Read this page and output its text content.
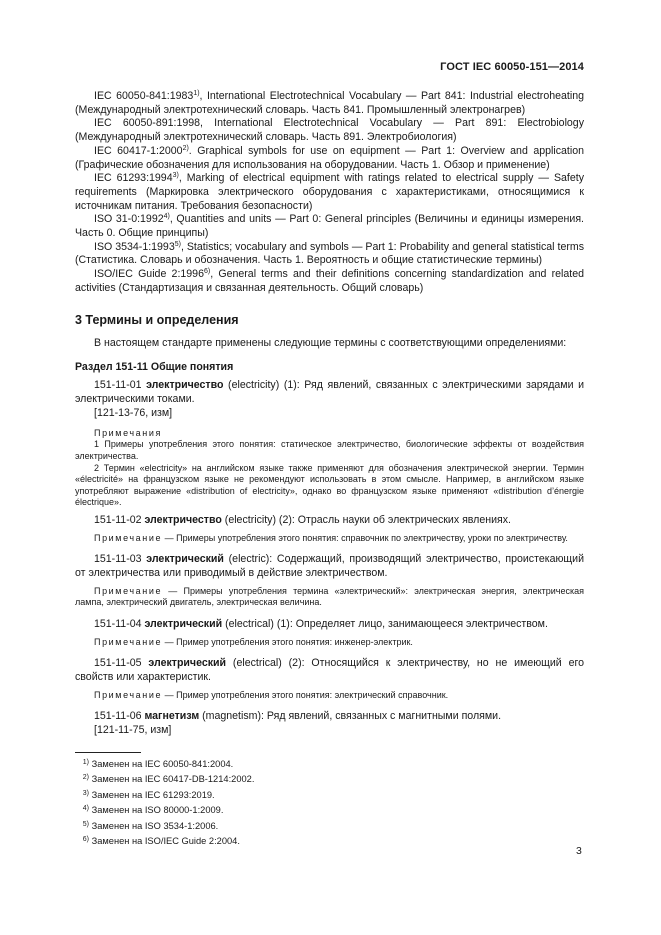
ГОСТ IEC 60050-151—2014

IEC 60050-841:1983$^{1)}$, International Electrotechnical Vocabulary — Part 841: Industrial electroheating (Международный электротехнический словарь. Часть 841. Промышленный электронагрев)

IEC 60050-891:1998, International Electrotechnical Vocabulary — Part 891: Electrobiology (Международный электротехнический словарь. Часть 891. Электробиология)

IEC 60417-1:2000$^{2)}$. Graphical symbols for use on equipment — Part 1: Overview and application (Графические обозначения для использования на оборудовании. Часть 1. Обзор и применение)

IEC 61293:1994$^{3)}$, Marking of electrical equipment with ratings related to electrical supply — Safety requirements (Маркировка электрического оборудования с характеристиками, относящимися к источникам питания. Требования безопасности)

ISO 31-0:1992$^{4)}$, Quantities and units — Part 0: General principles (Величины и единицы измерения. Часть 0. Общие принципы)

ISO 3534-1:1993$^{5)}$, Statistics; vocabulary and symbols — Part 1: Probability and general statistical terms (Статистика. Словарь и обозначения. Часть 1. Вероятность и общие статистические термины)

ISO/IEC Guide 2:1996$^{6)}$, General terms and their definitions concerning standardization and related activities (Стандартизация и связанная деятельность. Общий словарь)

3 Термины и определения

В настоящем стандарте применены следующие термины с соответствующими определениями:

Раздел 151-11 Общие понятия

151-11-01 электричество (electricity) (1): Ряд явлений, связанных с электрическими зарядами и электрическими токами.

[121-13-76, изм]

Примечания

1 Примеры употребления этого понятия: статическое электричество, биологические эффекты от воздействия электричества.

2 Термин «electricity» на английском языке также применяют для обозначения электрической энергии. Термин «électricité» на французском языке не рекомендуют использовать в этом смысле. Например, в английском языке употребляют выражение «distribution of electricity», однако во французском языке применяют «distribution d’énergie électrique».

151-11-02 электричество (electricity) (2): Отрасль науки об электрических явлениях.

Примечание — Примеры употребления этого понятия: справочник по электричеству, уроки по электричеству.

151-11-03 электрический (electric): Содержащий, производящий электричество, проистекающий от электричества или приводимый в действие электричеством.

Примечание — Примеры употребления термина «электрический»: электрическая энергия, электрическая лампа, электрический двигатель, электрическая величина.

151-11-04 электрический (electrical) (1): Определяет лицо, занимающееся электричеством.

Примечание — Пример употребления этого понятия: инженер-электрик.

151-11-05 электрический (electrical) (2): Относящийся к электричеству, но не имеющий его свойств или характеристик.

Примечание — Пример употребления этого понятия: электрический справочник.

151-11-06 магнетизм (magnetism): Ряд явлений, связанных с магнитными полями.

[121-11-75, изм]

1) Заменен на IEC 60050-841:2004.

2) Заменен на IEC 60417-DB-1214:2002.

3) Заменен на IEC 61293:2019.

4) Заменен на ISO 80000-1:2009.

5) Заменен на ISO 3534-1:2006.

6) Заменен на ISO/IEC Guide 2:2004.

3
